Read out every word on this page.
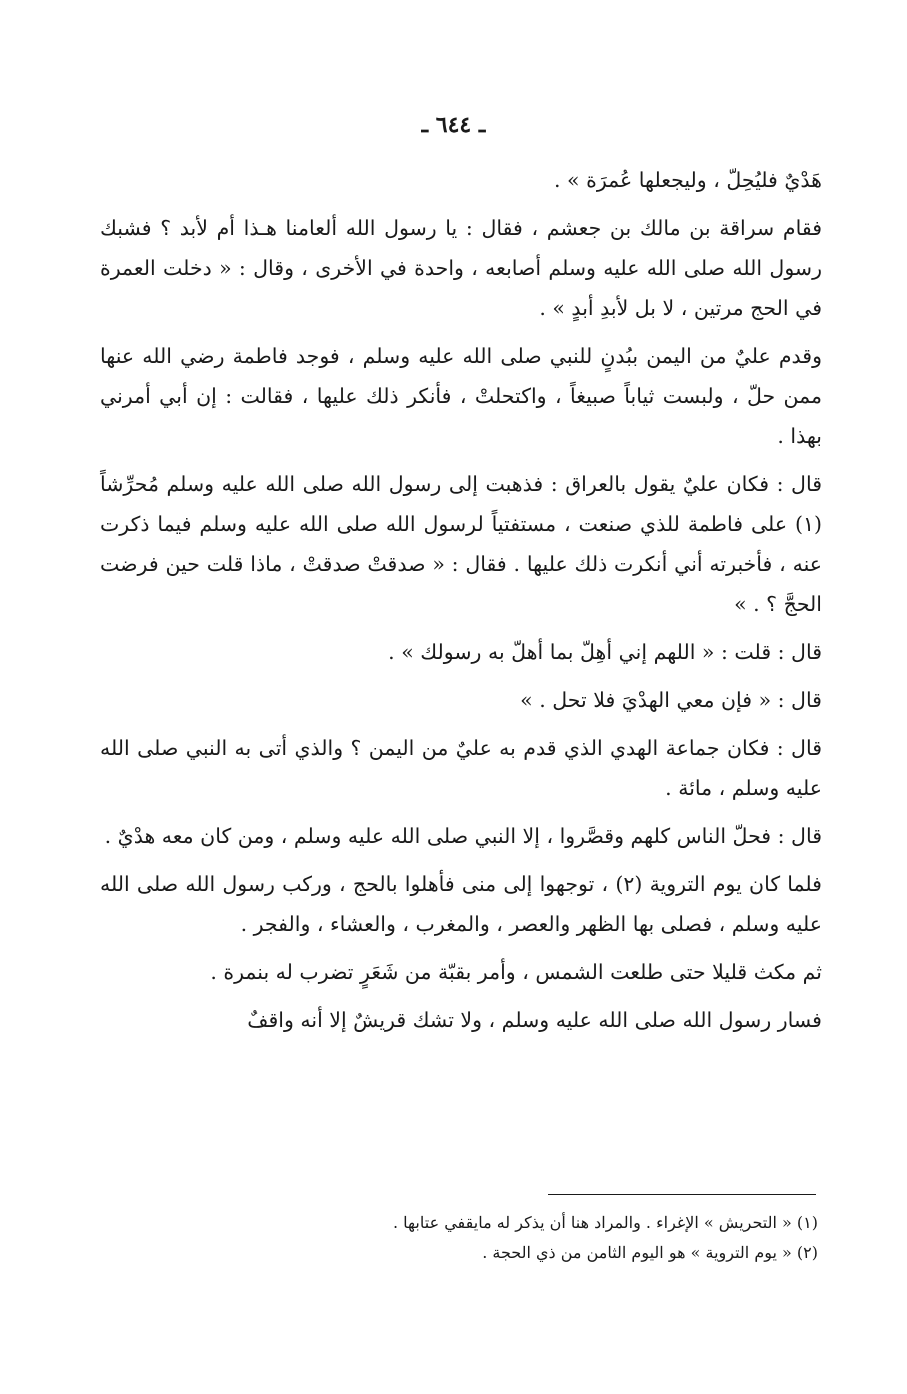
ـ ٦٤٤ ـ

هَدْيٌ فليُحِلّ ، وليجعلها عُمرَة » .

فقام سراقة بن مالك بن جعشم ، فقال : يا رسول الله ألعامنا هـذا أم لأبد ؟ فشبك رسول الله صلى الله عليه وسلم أصابعه ، واحدة في الأخرى ، وقال : « دخلت العمرة في الحج مرتين ، لا بل لأبدِ أبدٍ » .

وقدم عليٌ من اليمن ببُدنٍ للنبي صلى الله عليه وسلم ، فوجد فاطمة رضي الله عنها ممن حلّ ، ولبست ثياباً صبيغاً ، واكتحلتْ ، فأنكر ذلك عليها ، فقالت : إن أبي أمرني بهذا .

قال : فكان عليٌ يقول بالعراق : فذهبت إلى رسول الله صلى الله عليه وسلم مُحرِّشاً (١) على فاطمة للذي صنعت ، مستفتياً لرسول الله صلى الله عليه وسلم فيما ذكرت عنه ، فأخبرته أني أنكرت ذلك عليها . فقال : « صدقتْ صدقتْ ، ماذا قلت حين فرضت الحجَّ ؟ . »

قال : قلت : « اللهم إني أهِلّ بما أهلّ به رسولك » .

قال : « فإن معي الهدْيَ فلا تحل . »

قال : فكان جماعة الهدي الذي قدم به عليٌ من اليمن ؟ والذي أتى به النبي صلى الله عليه وسلم ، مائة .

قال : فحلّ الناس كلهم وقصَّروا ، إلا النبي صلى الله عليه وسلم ، ومن كان معه هدْيٌ .

فلما كان يوم التروية (٢) ، توجهوا إلى منى فأهلوا بالحج ، وركب رسول الله صلى الله عليه وسلم ، فصلى بها الظهر والعصر ، والمغرب ، والعشاء ، والفجر .

ثم مكث قليلا حتى طلعت الشمس ، وأمر بقبّة من شَعَرٍ تضرب له بنمرة .

فسار رسول الله صلى الله عليه وسلم ، ولا تشك قريشٌ إلا أنه واقفٌ

(١) « التحريش » الإغراء . والمراد هنا أن يذكر له مايقفي عتابها .

(٢) « يوم التروية » هو اليوم الثامن من ذي الحجة .
